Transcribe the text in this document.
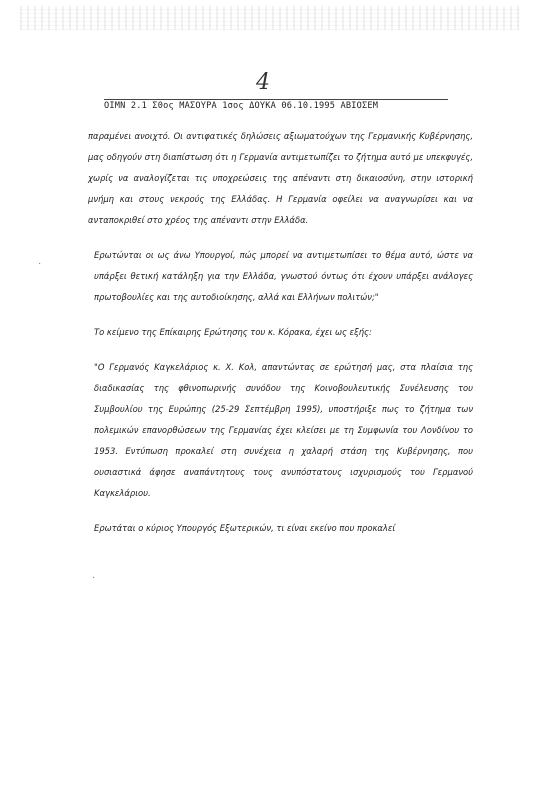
4
ΟΙΜΝ 2.1 Σ0ος ΜΑΣΟΥΡΑ 1σος ΔΟΥΚΑ 06.10.1995 ΑΒΙΟΣΕΜ

παραμένει ανοιχτό. Οι αντιφατικές δηλώσεις αξιωματούχων της Γερμανικής Κυβέρνησης, μας οδηγούν στη διαπίστωση ότι η Γερμανία αντιμετωπίζει το ζήτημα αυτό με υπεκφυγές, χωρίς να αναλογίζεται τις υποχρεώσεις της απέναντι στη δικαιοσύνη, στην ιστορική μνήμη και στους νεκρούς της Ελλάδας. Η Γερμανία οφείλει να αναγνωρίσει και να ανταποκριθεί στο χρέος της απέναντι στην Ελλάδα.

Ερωτώνται οι ως άνω Υπουργοί, πώς μπορεί να αντιμετωπίσει το θέμα αυτό, ώστε να υπάρξει θετική κατάληξη για την Ελλάδα, γνωστού όντως ότι έχουν υπάρξει ανάλογες πρωτοβουλίες και της αυτοδιοίκησης, αλλά και Ελλήνων πολιτών;"

Το κείμενο της Επίκαιρης Ερώτησης του κ. Κόρακα, έχει ως εξής:

"Ο Γερμανός Καγκελάριος κ. Χ. Κολ, απαντώντας σε ερώτησή μας, στα πλαίσια της διαδικασίας της φθινοπωρινής συνόδου της Κοινοβουλευτικής Συνέλευσης του Συμβουλίου της Ευρώπης (25-29 Σεπτέμβρη 1995), υποστήριξε πως το ζήτημα των πολεμικών επανορθώσεων της Γερμανίας έχει κλείσει με τη Συμφωνία του Λονδίνου το 1953. Εντύπωση προκαλεί στη συνέχεια η χαλαρή στάση της Κυβέρνησης, που ουσιαστικά άφησε αναπάντητους τους ανυπόστατους ισχυρισμούς του Γερμανού Καγκελάριου.

Ερωτάται ο κύριος Υπουργός Εξωτερικών, τι είναι εκείνο που προκαλεί

·
·
